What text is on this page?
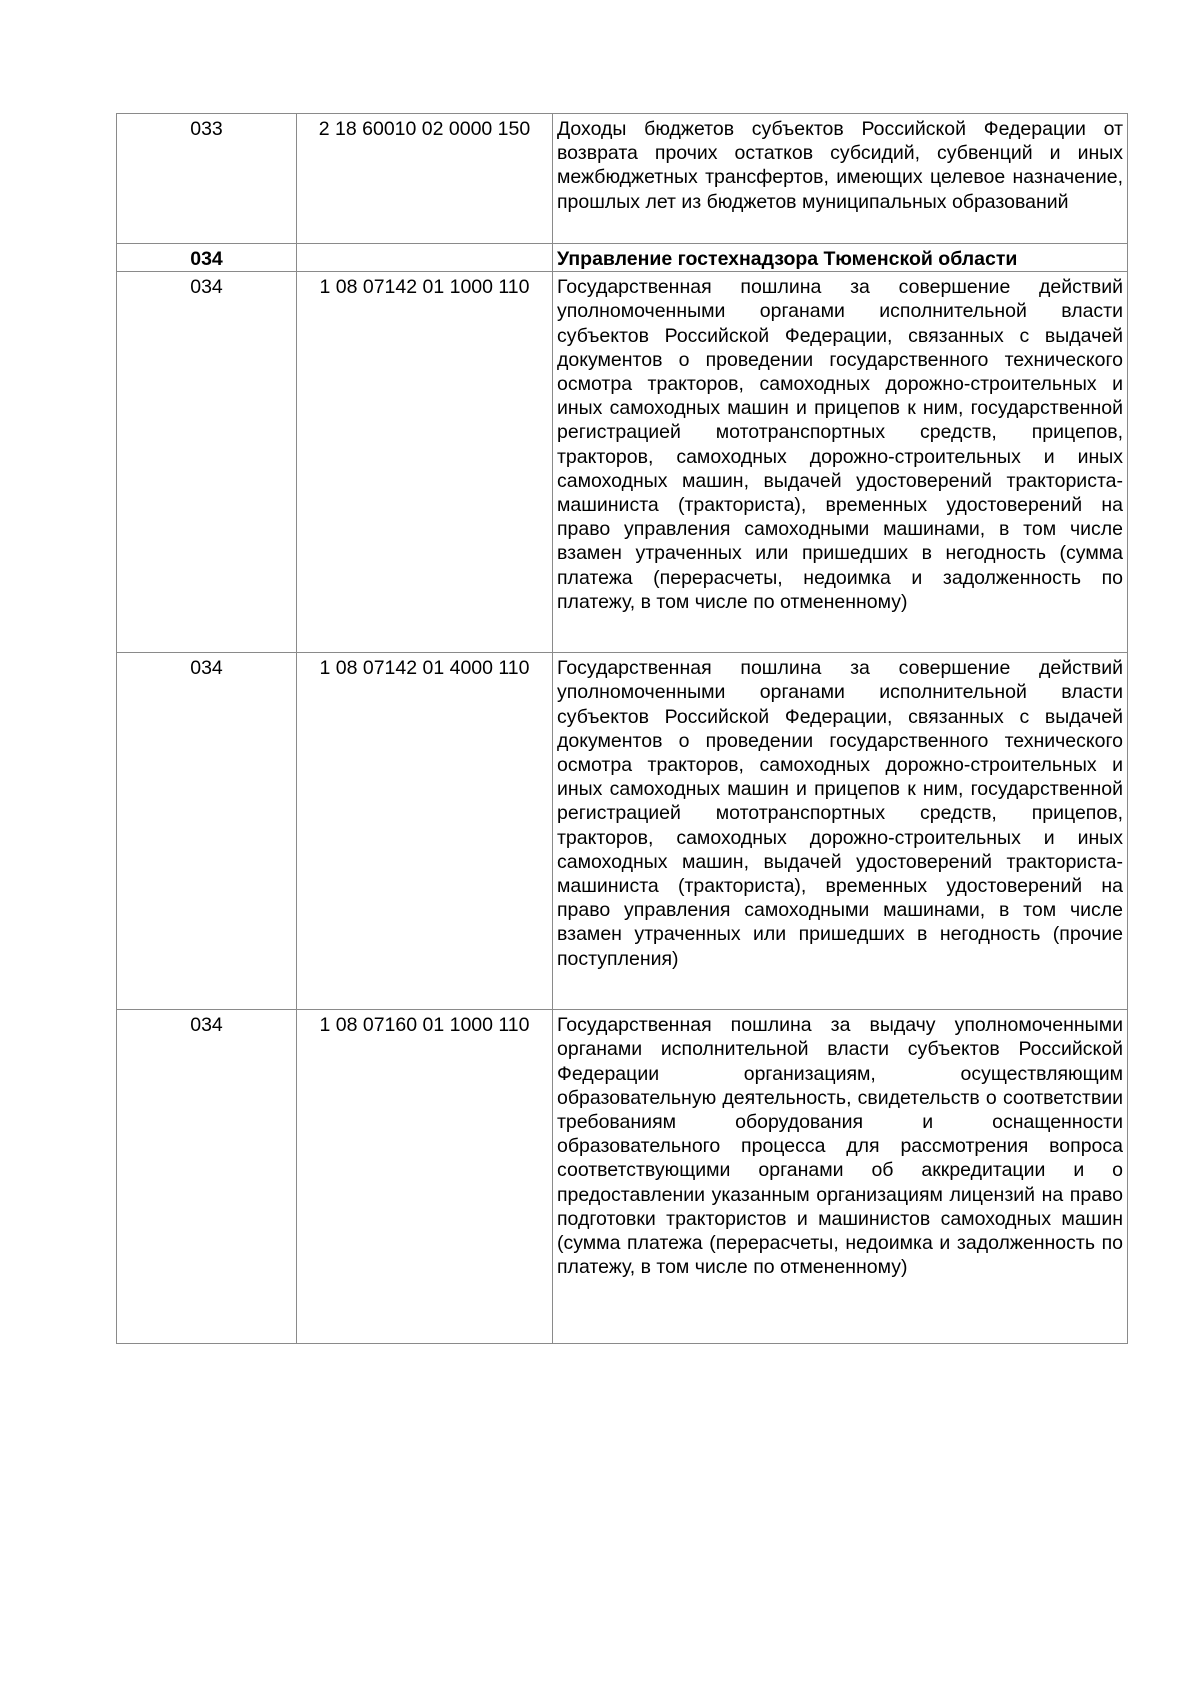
033	2 18 60010 02 0000 150	Доходы бюджетов субъектов Российской Федерации от возврата прочих остатков субсидий, субвенций и иных межбюджетных трансфертов, имеющих целевое назначение, прошлых лет из бюджетов муниципальных образований
034		Управление гостехнадзора Тюменской области
034	1 08 07142 01 1000 110	Государственная пошлина за совершение действий уполномоченными органами исполнительной власти субъектов Российской Федерации, связанных с выдачей документов о проведении государственного технического осмотра тракторов, самоходных дорожно-строительных и иных самоходных машин и прицепов к ним, государственной регистрацией мототранспортных средств, прицепов, тракторов, самоходных дорожно-строительных и иных самоходных машин, выдачей удостоверений тракториста-машиниста (тракториста), временных удостоверений на право управления самоходными машинами, в том числе взамен утраченных или пришедших в негодность (сумма платежа (перерасчеты, недоимка и задолженность по платежу, в том числе по отмененному)
034	1 08 07142 01 4000 110	Государственная пошлина за совершение действий уполномоченными органами исполнительной власти субъектов Российской Федерации, связанных с выдачей документов о проведении государственного технического осмотра тракторов, самоходных дорожно-строительных и иных самоходных машин и прицепов к ним, государственной регистрацией мототранспортных средств, прицепов, тракторов, самоходных дорожно-строительных и иных самоходных машин, выдачей удостоверений тракториста-машиниста (тракториста), временных удостоверений на право управления самоходными машинами, в том числе взамен утраченных или пришедших в негодность (прочие поступления)
034	1 08 07160 01 1000 110	Государственная пошлина за выдачу уполномоченными органами исполнительной власти субъектов Российской Федерации организациям, осуществляющим образовательную деятельность, свидетельств о соответствии требованиям оборудования и оснащенности образовательного процесса для рассмотрения вопроса соответствующими органами об аккредитации и о предоставлении указанным организациям лицензий на право подготовки трактористов и машинистов самоходных машин (сумма платежа (перерасчеты, недоимка и задолженность по платежу, в том числе по отмененному)
